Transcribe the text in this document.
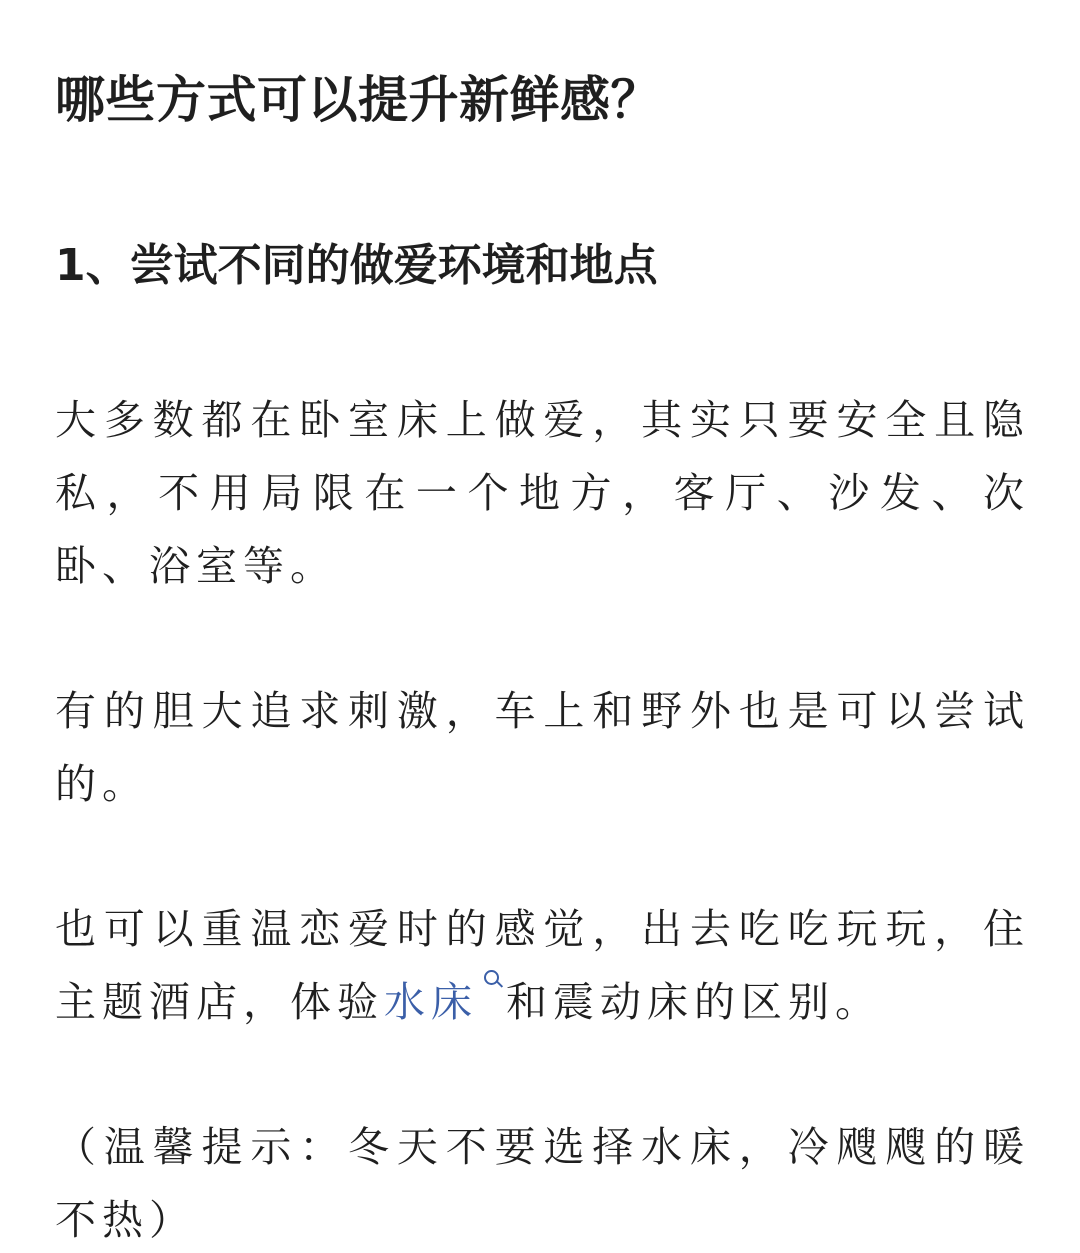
哪些方式可以提升新鲜感？
1、尝试不同的做爱环境和地点

大多数都在卧室床上做爱，其实只要安全且隐私，不用局限在一个地方，客厅、沙发、次卧、浴室等。

有的胆大追求刺激，车上和野外也是可以尝试的。

也可以重温恋爱时的感觉，出去吃吃玩玩，住主题酒店，体验水床 和震动床的区别。

（温馨提示：冬天不要选择水床，冷飕飕的暖不热）
